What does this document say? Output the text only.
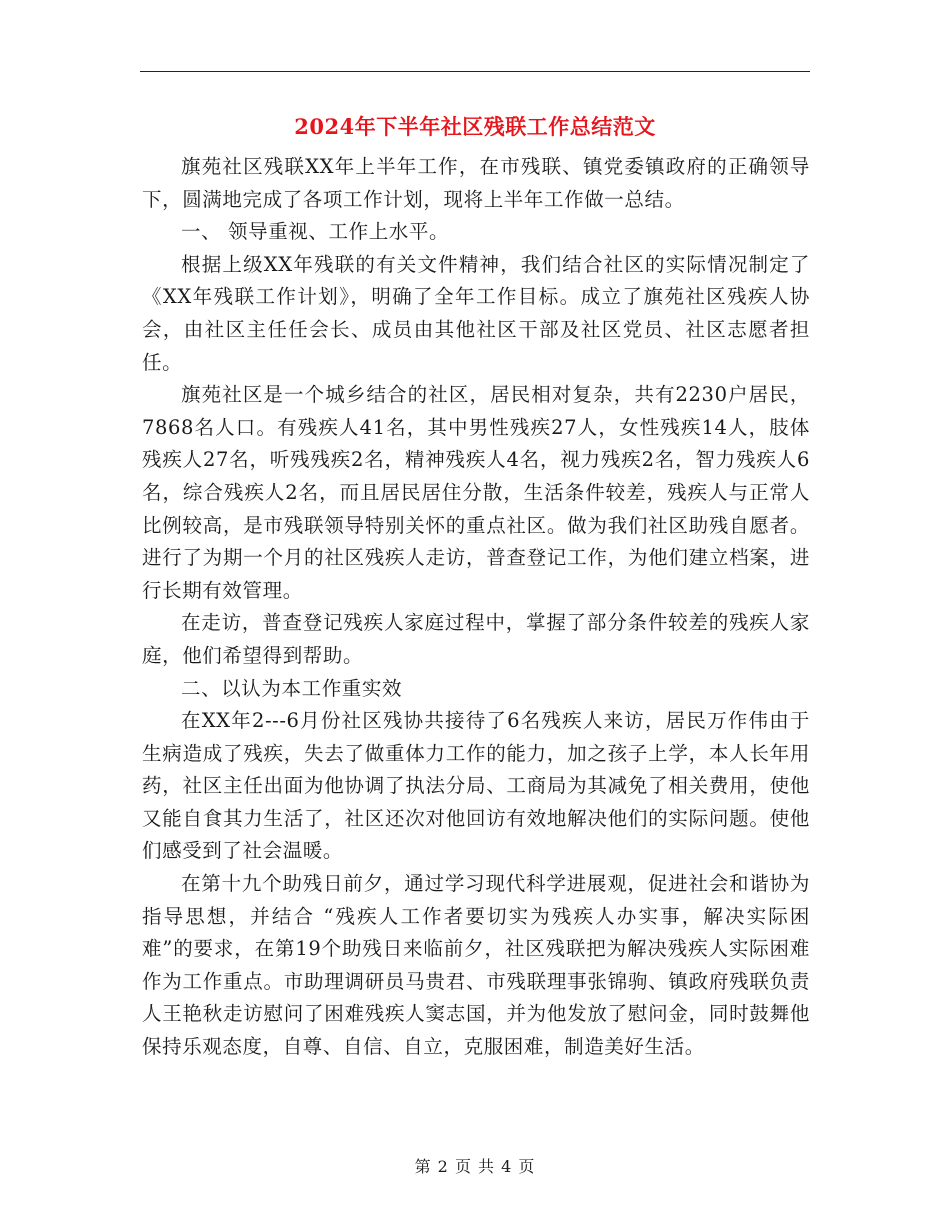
2024年下半年社区残联工作总结范文

旗苑社区残联XX年上半年工作，在市残联、镇党委镇政府的正确领导下，圆满地完成了各项工作计划，现将上半年工作做一总结。

一、 领导重视、工作上水平。

根据上级XX年残联的有关文件精神，我们结合社区的实际情况制定了《XX年残联工作计划》，明确了全年工作目标。成立了旗苑社区残疾人协会，由社区主任任会长、成员由其他社区干部及社区党员、社区志愿者担任。

旗苑社区是一个城乡结合的社区，居民相对复杂，共有2230户居民，7868名人口。有残疾人41名，其中男性残疾27人，女性残疾14人，肢体残疾人27名，听残残疾2名，精神残疾人4名，视力残疾2名，智力残疾人6名，综合残疾人2名，而且居民居住分散，生活条件较差，残疾人与正常人比例较高，是市残联领导特别关怀的重点社区。做为我们社区助残自愿者。进行了为期一个月的社区残疾人走访，普查登记工作，为他们建立档案，进行长期有效管理。

在走访，普查登记残疾人家庭过程中，掌握了部分条件较差的残疾人家庭，他们希望得到帮助。

二、以认为本工作重实效

在XX年2---6月份社区残协共接待了6名残疾人来访，居民万作伟由于生病造成了残疾，失去了做重体力工作的能力，加之孩子上学，本人长年用药，社区主任出面为他协调了执法分局、工商局为其减免了相关费用，使他又能自食其力生活了，社区还次对他回访有效地解决他们的实际问题。使他们感受到了社会温暖。

在第十九个助残日前夕，通过学习现代科学进展观，促进社会和谐协为指导思想，并结合 “残疾人工作者要切实为残疾人办实事，解决实际困难”的要求，在第19个助残日来临前夕，社区残联把为解决残疾人实际困难作为工作重点。市助理调研员马贵君、市残联理事张锦驹、镇政府残联负责人王艳秋走访慰问了困难残疾人窦志国，并为他发放了慰问金，同时鼓舞他保持乐观态度，自尊、自信、自立，克服困难，制造美好生活。

第 2 页 共 4 页
